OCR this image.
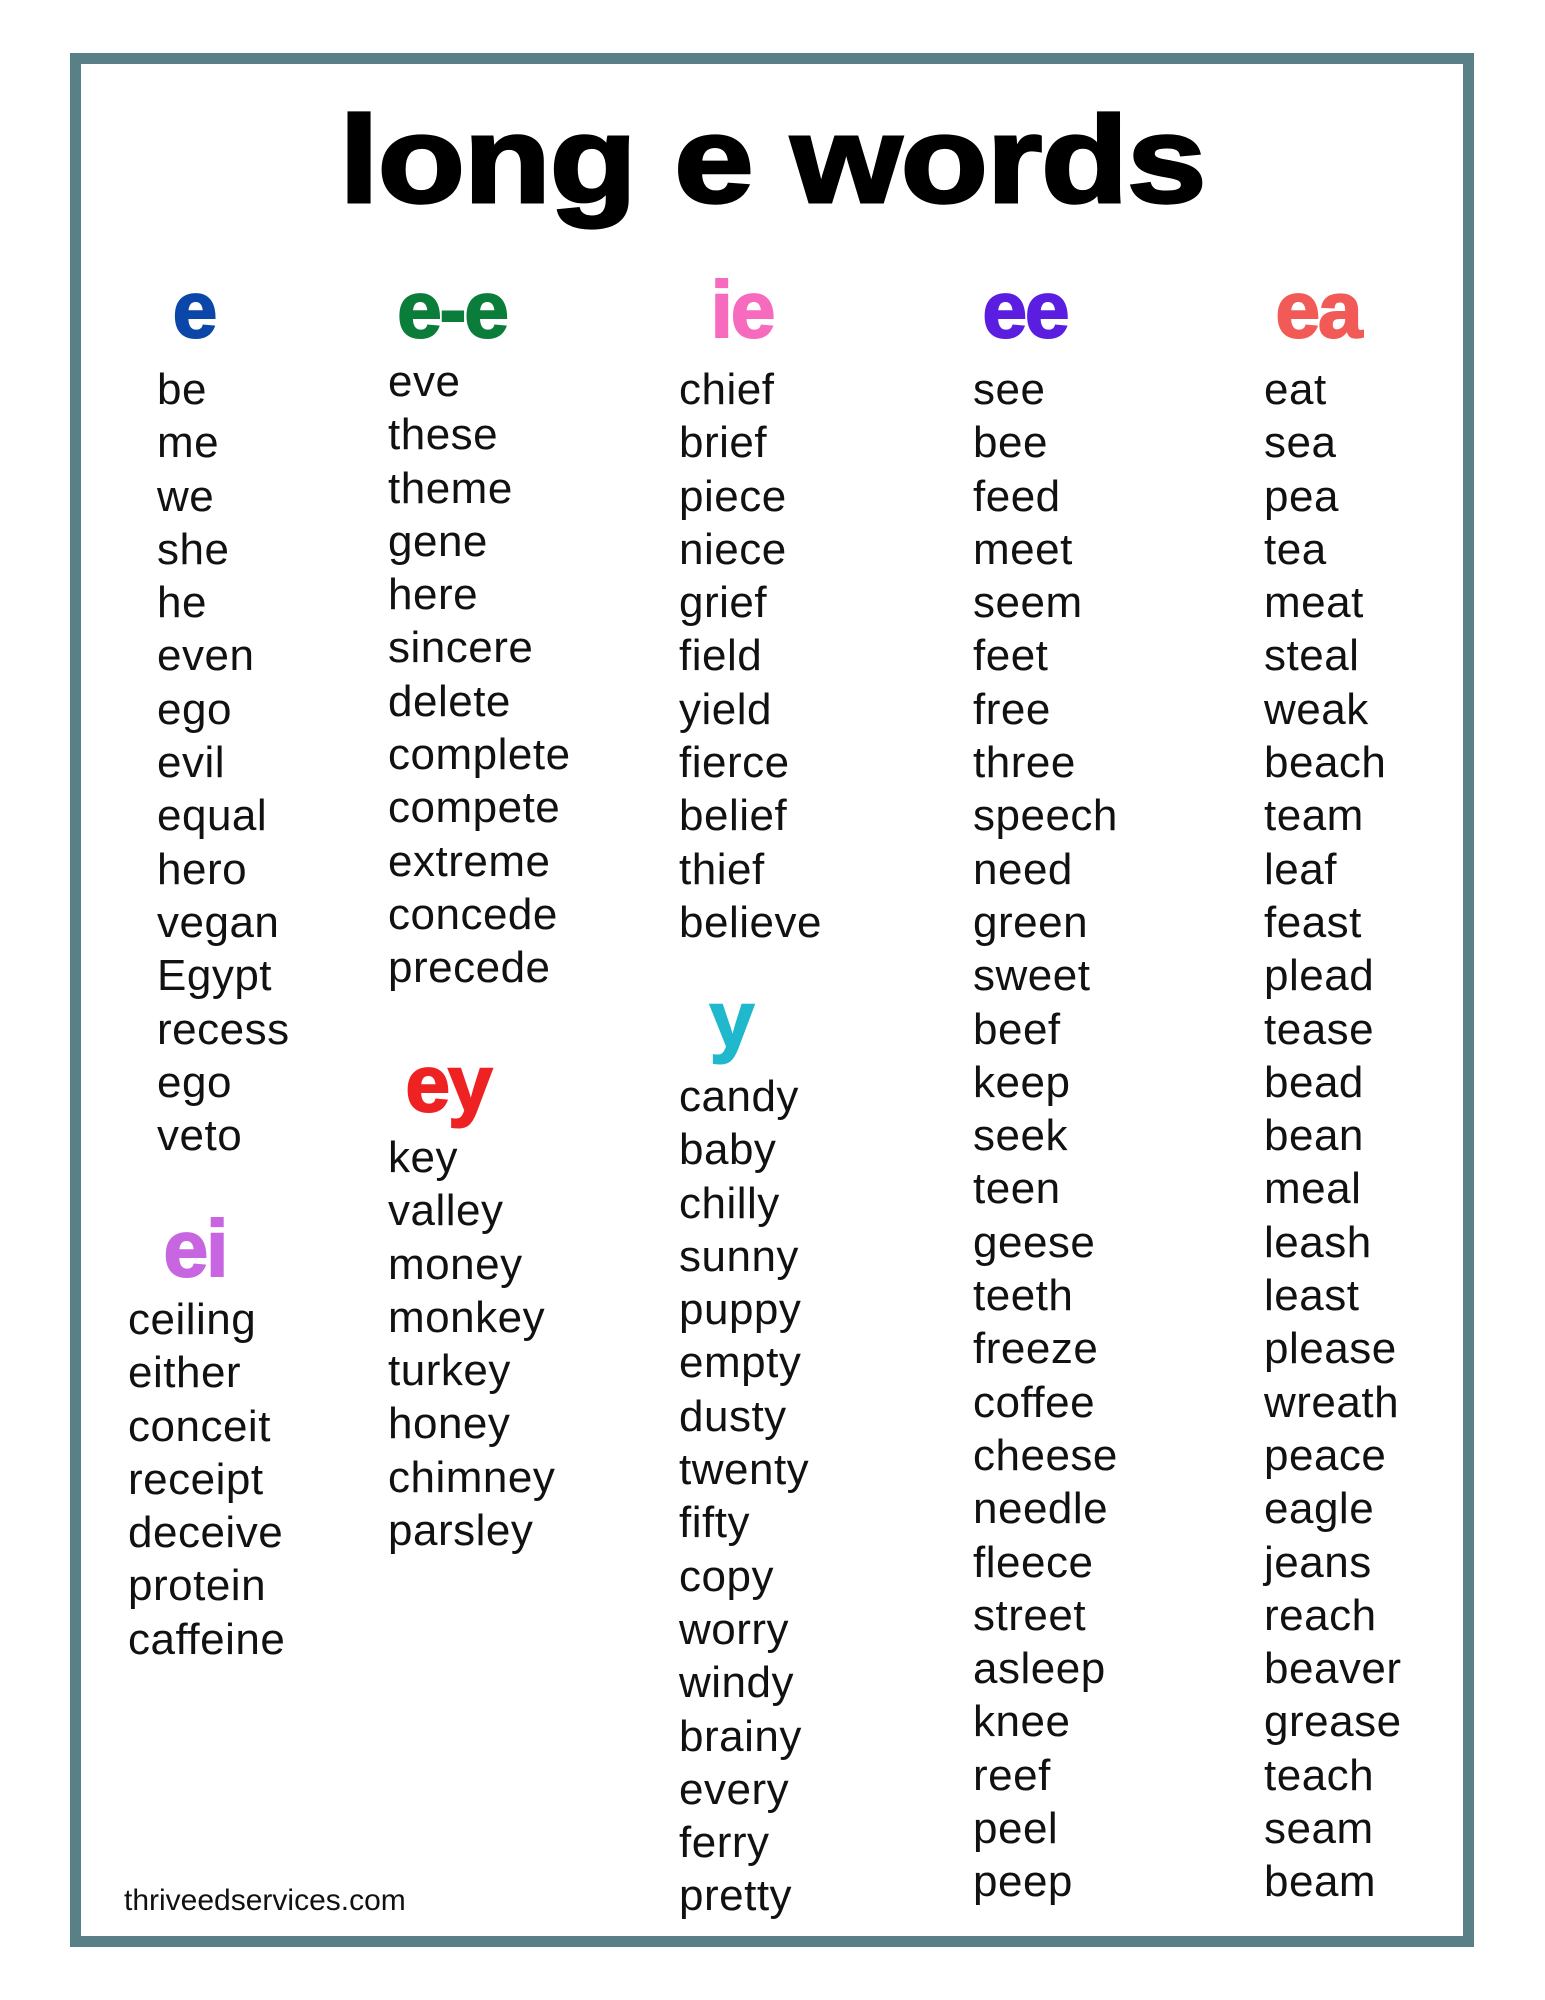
long e words
e
be
me
we
she
he
even
ego
evil
equal
hero
vegan
Egypt
recess
ego
veto
ei
ceiling
either
conceit
receipt
deceive
protein
caffeine
e-e
eve
these
theme
gene
here
sincere
delete
complete
compete
extreme
concede
precede
ey
key
valley
money
monkey
turkey
honey
chimney
parsley
ie
chief
brief
piece
niece
grief
field
yield
fierce
belief
thief
believe
y
candy
baby
chilly
sunny
puppy
empty
dusty
twenty
fifty
copy
worry
windy
brainy
every
ferry
pretty
ee
see
bee
feed
meet
seem
feet
free
three
speech
need
green
sweet
beef
keep
seek
teen
geese
teeth
freeze
coffee
cheese
needle
fleece
street
asleep
knee
reef
peel
peep
ea
eat
sea
pea
tea
meat
steal
weak
beach
team
leaf
feast
plead
tease
bead
bean
meal
leash
least
please
wreath
peace
eagle
jeans
reach
beaver
grease
teach
seam
beam
thriveedservices.com
